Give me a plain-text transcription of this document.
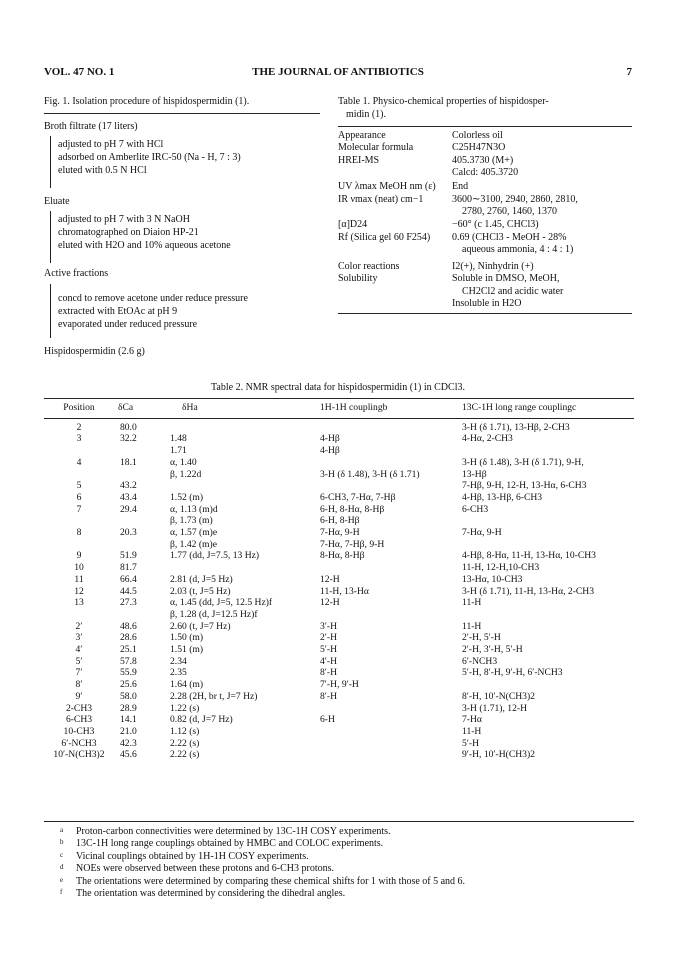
VOL. 47 NO. 1	THE JOURNAL OF ANTIBIOTICS	7
Fig. 1. Isolation procedure of hispidospermidin (1).
Broth filtrate (17 liters)
adjusted to pH 7 with HCl
adsorbed on Amberlite IRC-50 (Na - H, 7 : 3)
eluted with 0.5 N HCl
Eluate
adjusted to pH 7 with 3 N NaOH
chromatographed on Diaion HP-21
eluted with H2O and 10% aqueous acetone
Active fractions
concd to remove acetone under reduce pressure
extracted with EtOAc at pH 9
evaporated under reduced pressure
Hispidospermidin (2.6 g)
Table 1. Physico-chemical properties of hispidosper-
midin (1).
Appearance	Colorless oil
Molecular formula	C25H47N3O
HREI-MS	405.3730 (M+)
Calcd: 405.3720
UV λmax MeOH nm (ε) End
IR νmax (neat) cm−1	3600∼3100, 2940, 2860, 2810,
2780, 2760, 1460, 1370
[α]D24	−60° (c 1.45, CHCl3)
Rf (Silica gel 60 F254) 0.69 (CHCl3 - MeOH - 28%
aqueous ammonia, 4 : 4 : 1)
Color reactions	I2(+), Ninhydrin (+)
Solubility	Soluble in DMSO, MeOH,
CH2Cl2 and acidic water
Insoluble in H2O
Table 2. NMR spectral data for hispidospermidin (1) in CDCl3.
Position	δCa	δHa	1H-1H couplingb	13C-1H long range couplingc

2	80.0			3-H (δ 1.71), 13-Hβ, 2-CH3
3	32.2	1.48	4-Hβ	4-Hα, 2-CH3
		1.71	4-Hβ	
4	18.1	α, 1.40		3-H (δ 1.48), 3-H (δ 1.71), 9-H,
		β, 1.22d	3-H (δ 1.48), 3-H (δ 1.71)	13-Hβ
5	43.2			7-Hβ, 9-H, 12-H, 13-Hα, 6-CH3
6	43.4	1.52 (m)	6-CH3, 7-Hα, 7-Hβ	4-Hβ, 13-Hβ, 6-CH3
7	29.4	α, 1.13 (m)d	6-H, 8-Hα, 8-Hβ	6-CH3
		β, 1.73 (m)	6-H, 8-Hβ	
8	20.3	α, 1.57 (m)e	7-Hα, 9-H	7-Hα, 9-H
		β, 1.42 (m)e	7-Hα, 7-Hβ, 9-H	
9	51.9	1.77 (dd, J=7.5, 13 Hz)	8-Hα, 8-Hβ	4-Hβ, 8-Hα, 11-H, 13-Hα, 10-CH3
10	81.7			11-H, 12-H,10-CH3
11	66.4	2.81 (d, J=5 Hz)	12-H	13-Hα, 10-CH3
12	44.5	2.03 (t, J=5 Hz)	11-H, 13-Hα	3-H (δ 1.71), 11-H, 13-Hα, 2-CH3
13	27.3	α, 1.45 (dd, J=5, 12.5 Hz)f	12-H	11-H
		β, 1.28 (d, J=12.5 Hz)f		
2′	48.6	2.60 (t, J=7 Hz)	3′-H	11-H
3′	28.6	1.50 (m)	2′-H	2′-H, 5′-H
4′	25.1	1.51 (m)	5′-H	2′-H, 3′-H, 5′-H
5′	57.8	2.34	4′-H	6′-NCH3
7′	55.9	2.35	8′-H	5′-H, 8′-H, 9′-H, 6′-NCH3
8′	25.6	1.64 (m)	7′-H, 9′-H	
9′	58.0	2.28 (2H, br t, J=7 Hz)	8′-H	8′-H, 10′-N(CH3)2
2-CH3	28.9	1.22 (s)		3-H (1.71), 12-H
6-CH3	14.1	0.82 (d, J=7 Hz)	6-H	7-Hα
10-CH3	21.0	1.12 (s)		11-H
6′-NCH3	42.3	2.22 (s)		5′-H
10′-N(CH3)2	45.6	2.22 (s)		9′-H, 10′-H(CH3)2
a Proton-carbon connectivities were determined by 13C-1H COSY experiments.
b 13C-1H long range couplings obtained by HMBC and COLOC experiments.
c Vicinal couplings obtained by 1H-1H COSY experiments.
d NOEs were observed between these protons and 6-CH3 protons.
e The orientations were determined by comparing these chemical shifts for 1 with those of 5 and 6.
f The orientation was determined by considering the dihedral angles.
